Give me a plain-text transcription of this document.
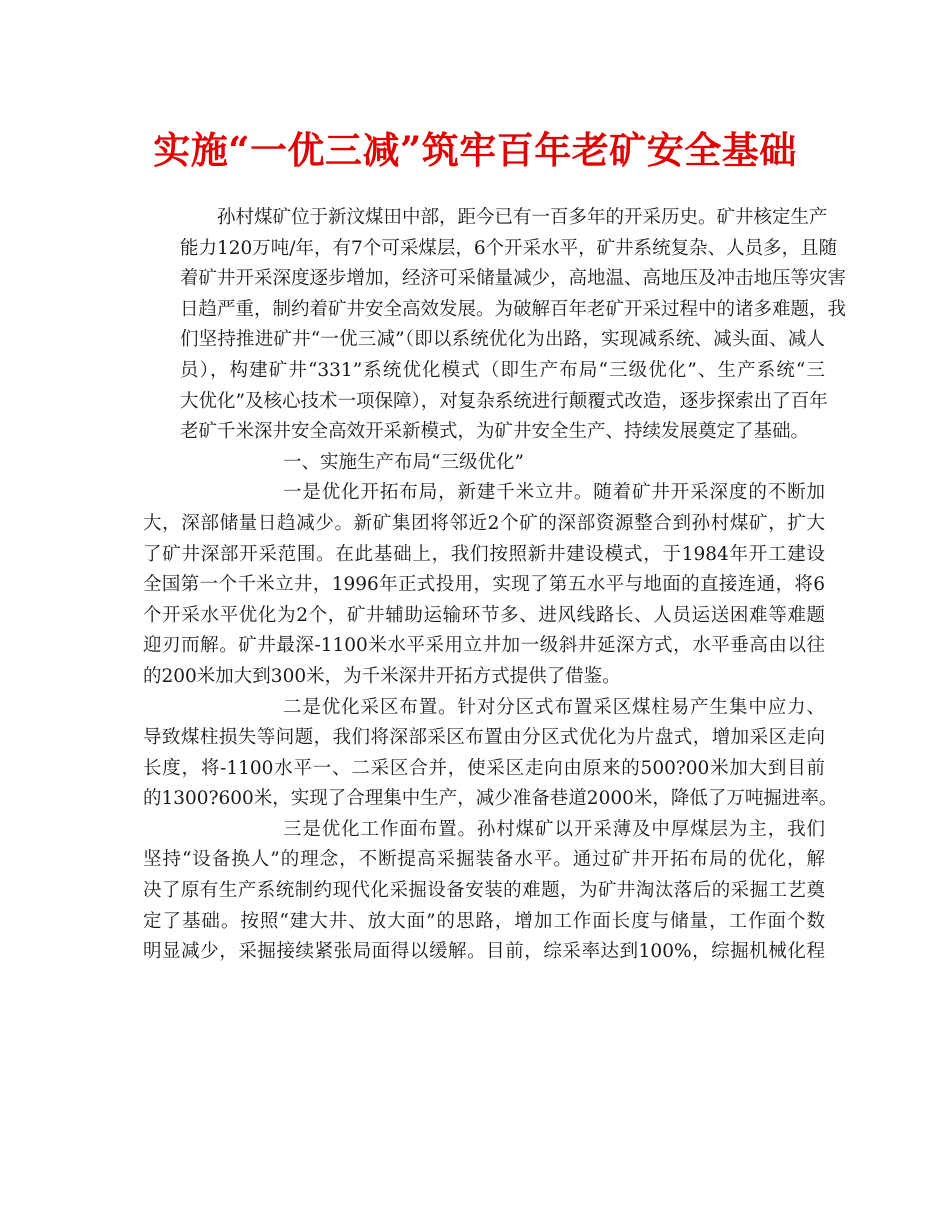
实施“一优三减”筑牢百年老矿安全基础

孙村煤矿位于新汶煤田中部，距今已有一百多年的开采历史。矿井核定生产
能力120万吨/年，有7个可采煤层，6个开采水平，矿井系统复杂、人员多，且随
着矿井开采深度逐步增加，经济可采储量减少，高地温、高地压及冲击地压等灾害
日趋严重，制约着矿井安全高效发展。为破解百年老矿开采过程中的诸多难题，我
们坚持推进矿井“一优三减”（即以系统优化为出路，实现减系统、减头面、减人
员），构建矿井“331”系统优化模式（即生产布局“三级优化”、生产系统“三
大优化”及核心技术一项保障），对复杂系统进行颠覆式改造，逐步探索出了百年
老矿千米深井安全高效开采新模式，为矿井安全生产、持续发展奠定了基础。

一、实施生产布局“三级优化”

一是优化开拓布局，新建千米立井。随着矿井开采深度的不断加
大，深部储量日趋减少。新矿集团将邻近2个矿的深部资源整合到孙村煤矿，扩大
了矿井深部开采范围。在此基础上，我们按照新井建设模式，于1984年开工建设
全国第一个千米立井，1996年正式投用，实现了第五水平与地面的直接连通，将6
个开采水平优化为2个，矿井辅助运输环节多、进风线路长、人员运送困难等难题
迎刃而解。矿井最深-1100米水平采用立井加一级斜井延深方式，水平垂高由以往
的200米加大到300米，为千米深井开拓方式提供了借鉴。

二是优化采区布置。针对分区式布置采区煤柱易产生集中应力、
导致煤柱损失等问题，我们将深部采区布置由分区式优化为片盘式，增加采区走向
长度，将-1100水平一、二采区合并，使采区走向由原来的500?00米加大到目前
的1300?600米，实现了合理集中生产，减少准备巷道2000米，降低了万吨掘进率。

三是优化工作面布置。孙村煤矿以开采薄及中厚煤层为主，我们
坚持“设备换人”的理念，不断提高采掘装备水平。通过矿井开拓布局的优化，解
决了原有生产系统制约现代化采掘设备安装的难题，为矿井淘汰落后的采掘工艺奠
定了基础。按照“建大井、放大面”的思路，增加工作面长度与储量，工作面个数
明显减少，采掘接续紧张局面得以缓解。目前，综采率达到100%，综掘机械化程
